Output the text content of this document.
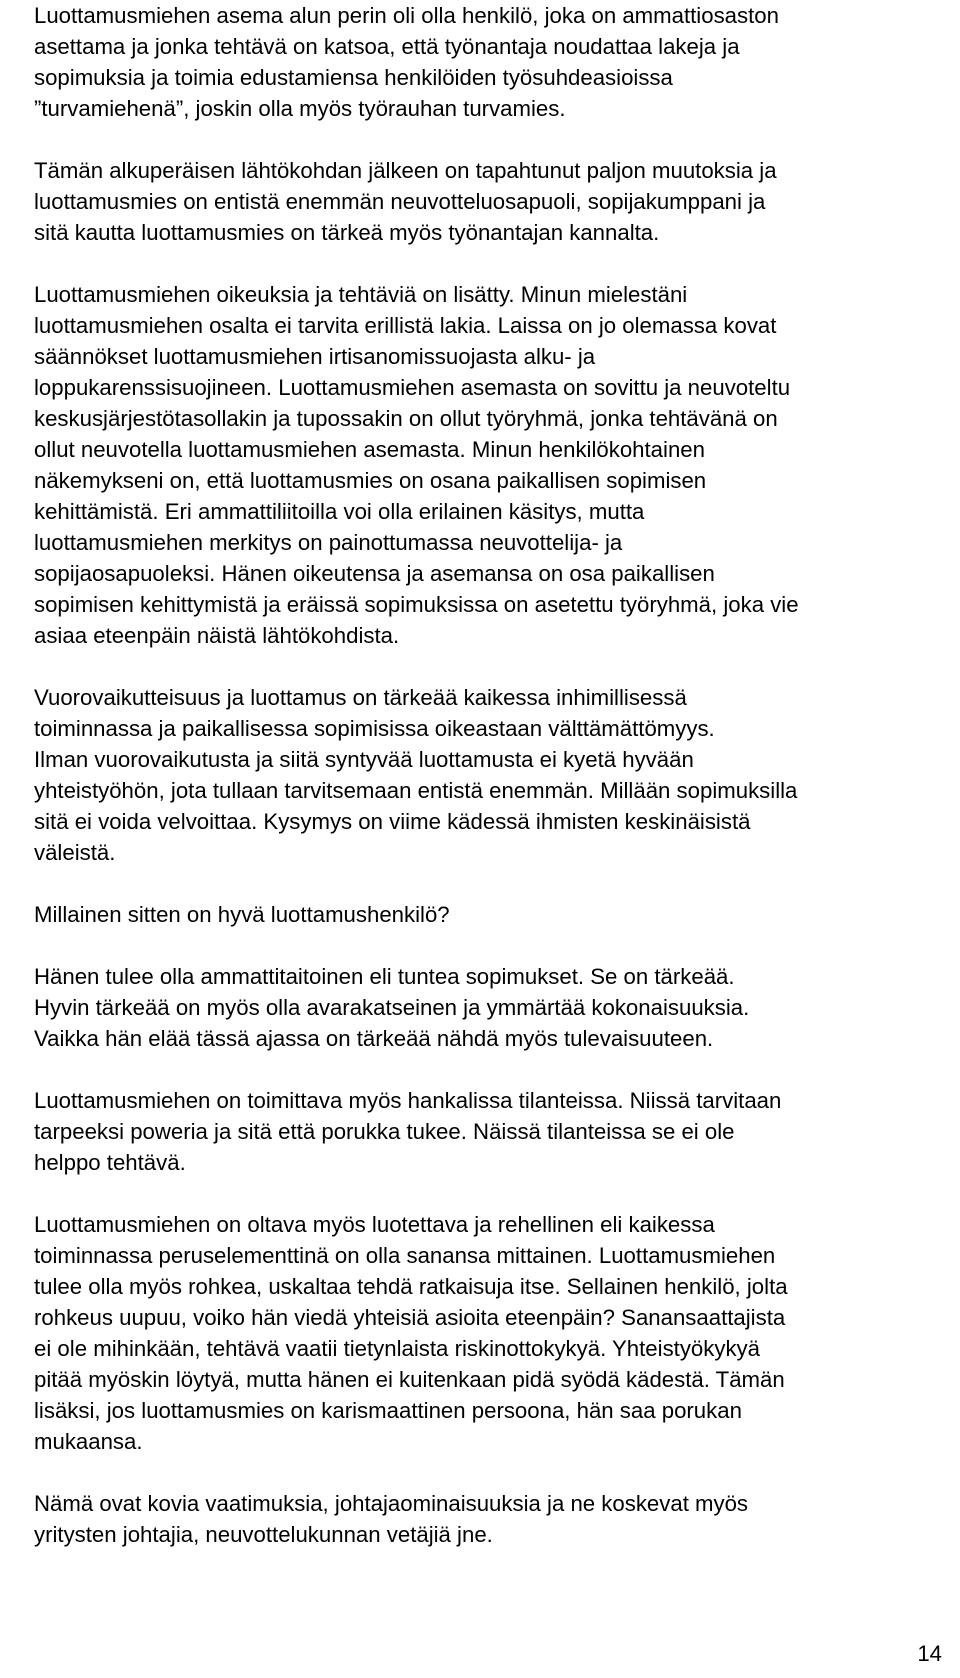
Luottamusmiehen asema alun perin oli olla henkilö, joka on ammattiosaston
asettama ja jonka tehtävä on katsoa, että työnantaja noudattaa lakeja ja
sopimuksia ja toimia edustamiensa henkilöiden työsuhdeasioissa
”turvamiehenä”, joskin olla myös työrauhan turvamies.

Tämän alkuperäisen lähtökohdan jälkeen on tapahtunut paljon muutoksia ja
luottamusmies on entistä enemmän neuvotteluosapuoli, sopijakumppani ja
sitä kautta luottamusmies on tärkeä myös työnantajan kannalta.

Luottamusmiehen oikeuksia ja tehtäviä on lisätty. Minun mielestäni
luottamusmiehen osalta ei tarvita erillistä lakia. Laissa on jo olemassa kovat
säännökset luottamusmiehen irtisanomissuojasta alku- ja
loppukarenssisuojineen. Luottamusmiehen asemasta on sovittu ja neuvoteltu
keskusjärjestötasollakin ja tupossakin on ollut työryhmä, jonka tehtävänä on
ollut neuvotella luottamusmiehen asemasta. Minun henkilökohtainen
näkemykseni on, että luottamusmies on osana paikallisen sopimisen
kehittämistä. Eri ammattiliitoilla voi olla erilainen käsitys, mutta
luottamusmiehen merkitys on painottumassa neuvottelija- ja
sopijaosapuoleksi. Hänen oikeutensa ja asemansa on osa paikallisen
sopimisen kehittymistä ja eräissä sopimuksissa on asetettu työryhmä, joka vie
asiaa eteenpäin näistä lähtökohdista.

Vuorovaikutteisuus ja luottamus on tärkeää kaikessa inhimillisessä
toiminnassa ja paikallisessa sopimisissa oikeastaan välttämättömyys.
Ilman vuorovaikutusta ja siitä syntyvää luottamusta ei kyetä hyvään
yhteistyöhön, jota tullaan tarvitsemaan entistä enemmän. Millään sopimuksilla
sitä ei voida velvoittaa. Kysymys on viime kädessä ihmisten keskinäisistä
väleistä.

Millainen sitten on hyvä luottamushenkilö?

Hänen tulee olla ammattitaitoinen eli tuntea sopimukset. Se on tärkeää.
Hyvin tärkeää on myös olla avarakatseinen ja ymmärtää kokonaisuuksia.
Vaikka hän elää tässä ajassa on tärkeää nähdä myös tulevaisuuteen.

Luottamusmiehen on toimittava myös hankalissa tilanteissa. Niissä tarvitaan
tarpeeksi poweria ja sitä että porukka tukee. Näissä tilanteissa se ei ole
helppo tehtävä.

Luottamusmiehen on oltava myös luotettava ja rehellinen eli kaikessa
toiminnassa peruselementtinä on olla sanansa mittainen. Luottamusmiehen
tulee olla myös rohkea, uskaltaa tehdä ratkaisuja itse. Sellainen henkilö, jolta
rohkeus uupuu, voiko hän viedä yhteisiä asioita eteenpäin? Sanansaattajista
ei ole mihinkään, tehtävä vaatii tietynlaista riskinottokykyä. Yhteistyökykyä
pitää myöskin löytyä, mutta hänen ei kuitenkaan pidä syödä kädestä. Tämän
lisäksi, jos luottamusmies on karismaattinen persoona, hän saa porukan
mukaansa.

Nämä ovat kovia vaatimuksia, johtajaominaisuuksia ja ne koskevat myös
yritysten johtajia, neuvottelukunnan vetäjiä jne.

14
